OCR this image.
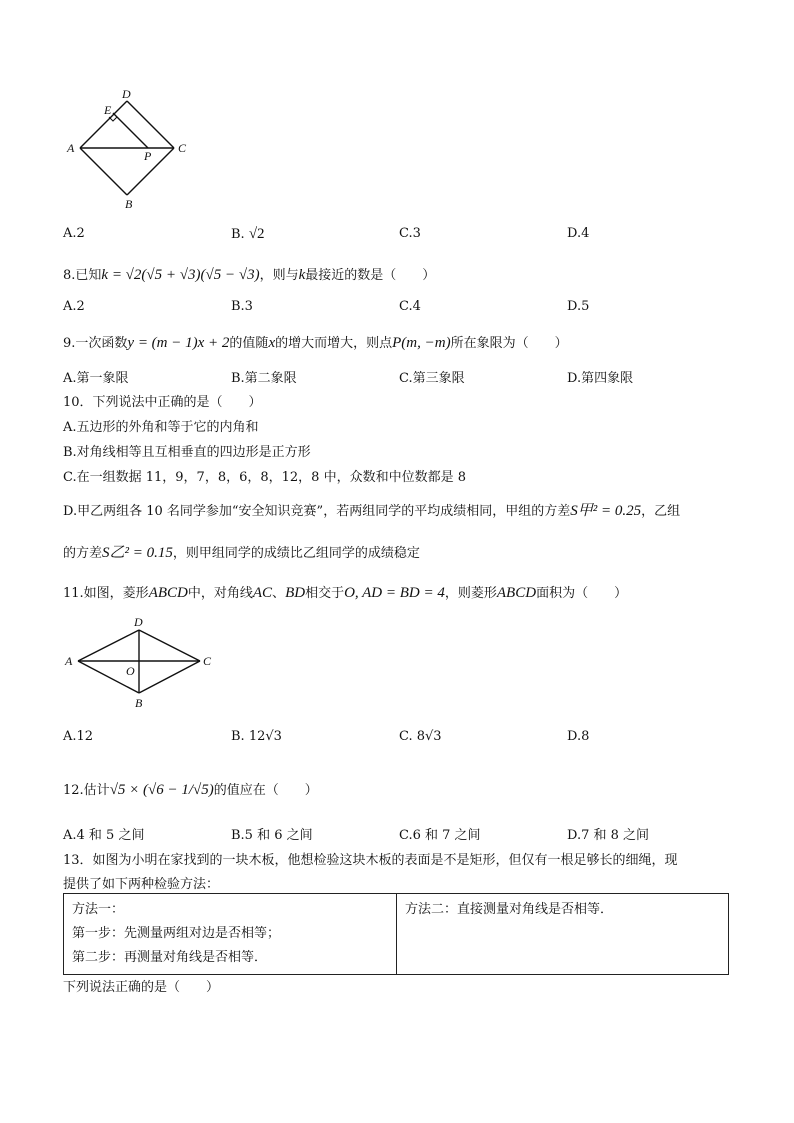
D
E
A
P
C
B
A.2	B. √2	C.3	D.4
8.已知k = √2(√5 + √3)(√5 − √3)，则与k最接近的数是（　　）
A.2	B.3	C.4	D.5
9.一次函数y = (m − 1)x + 2的值随x的增大而增大，则点P(m, −m)所在象限为（　　）
A.第一象限	B.第二象限	C.第三象限	D.第四象限
10．下列说法中正确的是（　　）
A.五边形的外角和等于它的内角和
B.对角线相等且互相垂直的四边形是正方形
C.在一组数据 11，9，7，8，6，8，12，8 中，众数和中位数都是 8
D.甲乙两组各 10 名同学参加“安全知识竞赛”，若两组同学的平均成绩相同，甲组的方差S甲² = 0.25，乙组
的方差S乙² = 0.15，则甲组同学的成绩比乙组同学的成绩稳定
11.如图，菱形ABCD中，对角线AC、BD相交于O, AD = BD = 4，则菱形ABCD面积为（　　）
D
A
O
C
B
A.12	B. 12√3	C. 8√3	D.8
12.估计√5 × (√6 − 1/√5)的值应在（　　）
A.4 和 5 之间	B.5 和 6 之间	C.6 和 7 之间	D.7 和 8 之间
13．如图为小明在家找到的一块木板，他想检验这块木板的表面是不是矩形，但仅有一根足够长的细绳，现
提供了如下两种检验方法：
方法一：
第一步：先测量两组对边是否相等；
第二步：再测量对角线是否相等．

方法二：直接测量对角线是否相等．
下列说法正确的是（　　）
